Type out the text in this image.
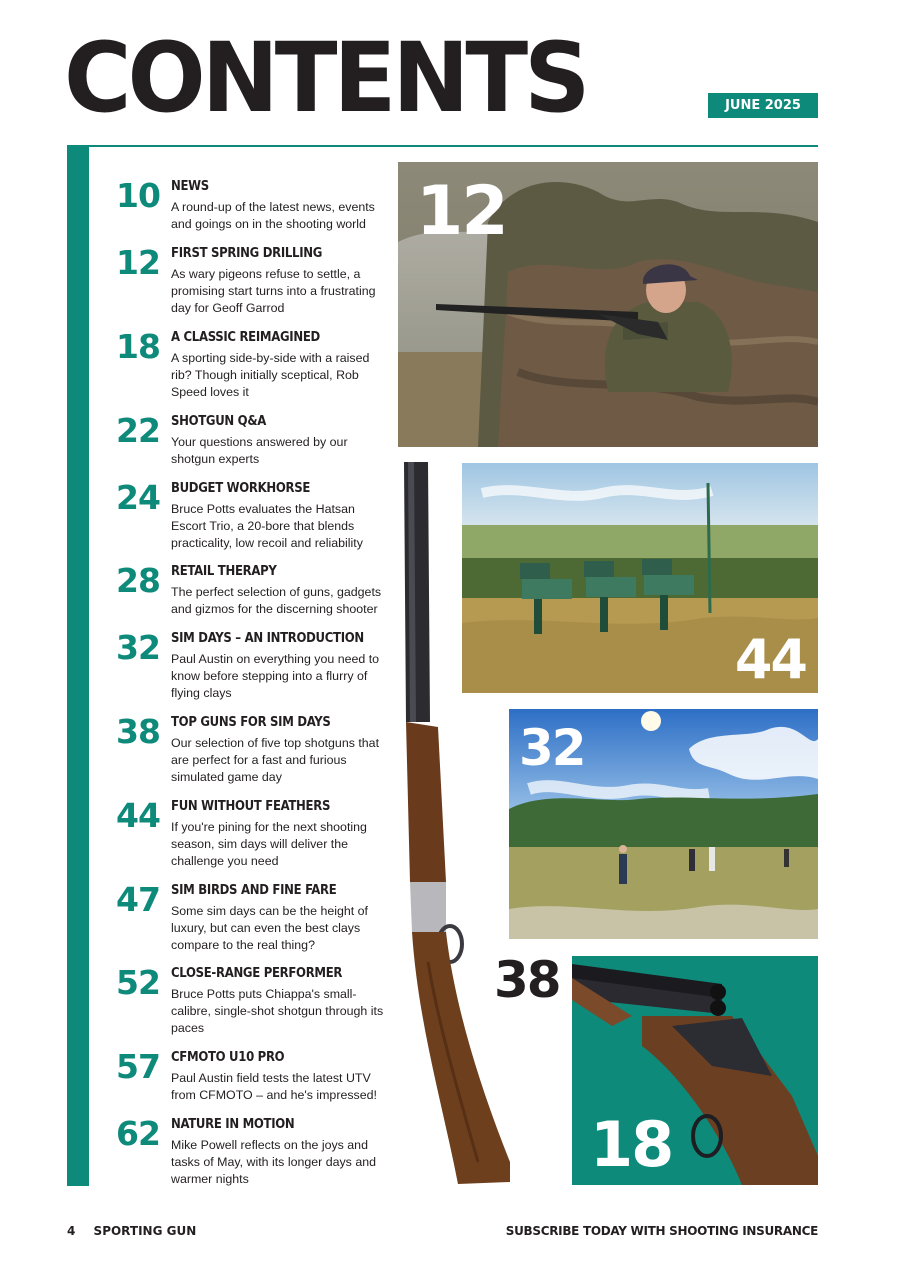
CONTENTS	JUNE 2025
10 NEWS
A round-up of the latest news, events and goings on in the shooting world
12 FIRST SPRING DRILLING
As wary pigeons refuse to settle, a promising start turns into a frustrating day for Geoff Garrod
18 A CLASSIC REIMAGINED
A sporting side-by-side with a raised rib? Though initially sceptical, Rob Speed loves it
22 SHOTGUN Q&A
Your questions answered by our shotgun experts
24 BUDGET WORKHORSE
Bruce Potts evaluates the Hatsan Escort Trio, a 20-bore that blends practicality, low recoil and reliability
28 RETAIL THERAPY
The perfect selection of guns, gadgets and gizmos for the discerning shooter
32 SIM DAYS – AN INTRODUCTION
Paul Austin on everything you need to know before stepping into a flurry of flying clays
38 TOP GUNS FOR SIM DAYS
Our selection of five top shotguns that are perfect for a fast and furious simulated game day
44 FUN WITHOUT FEATHERS
If you're pining for the next shooting season, sim days will deliver the challenge you need
47 SIM BIRDS AND FINE FARE
Some sim days can be the height of luxury, but can even the best clays compare to the real thing?
52 CLOSE-RANGE PERFORMER
Bruce Potts puts Chiappa's small-calibre, single-shot shotgun through its paces
57 CFMOTO U10 PRO
Paul Austin field tests the latest UTV from CFMOTO – and he's impressed!
62 NATURE IN MOTION
Mike Powell reflects on the joys and tasks of May, with its longer days and warmer nights
12
44
32
18
38
4 SPORTING GUN	SUBSCRIBE TODAY WITH SHOOTING INSURANCE
